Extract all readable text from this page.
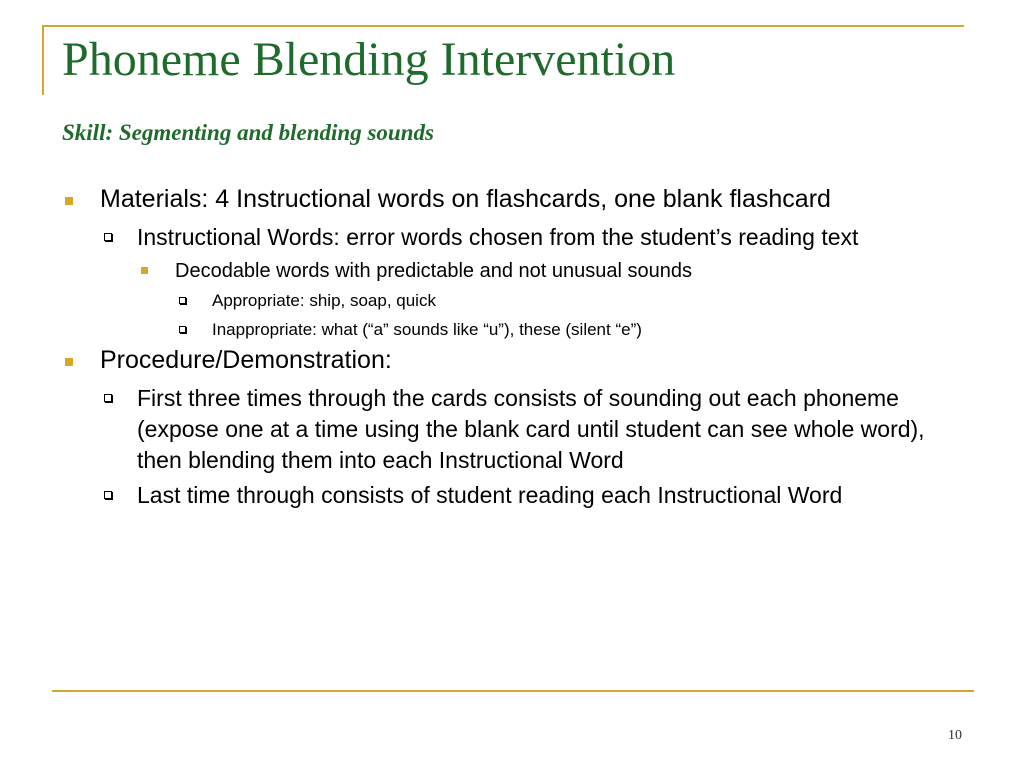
Phoneme Blending Intervention
Skill: Segmenting and blending sounds
Materials: 4 Instructional words on flashcards, one blank flashcard
Instructional Words: error words chosen from the student’s reading text
Decodable words with predictable and not unusual sounds
Appropriate: ship, soap, quick
Inappropriate: what (“a” sounds like “u”), these (silent “e”)
Procedure/Demonstration:
First three times through the cards consists of sounding out each phoneme (expose one at a time using the blank card until student can see whole word), then blending them into each Instructional Word
Last time through consists of student reading each Instructional Word
10
